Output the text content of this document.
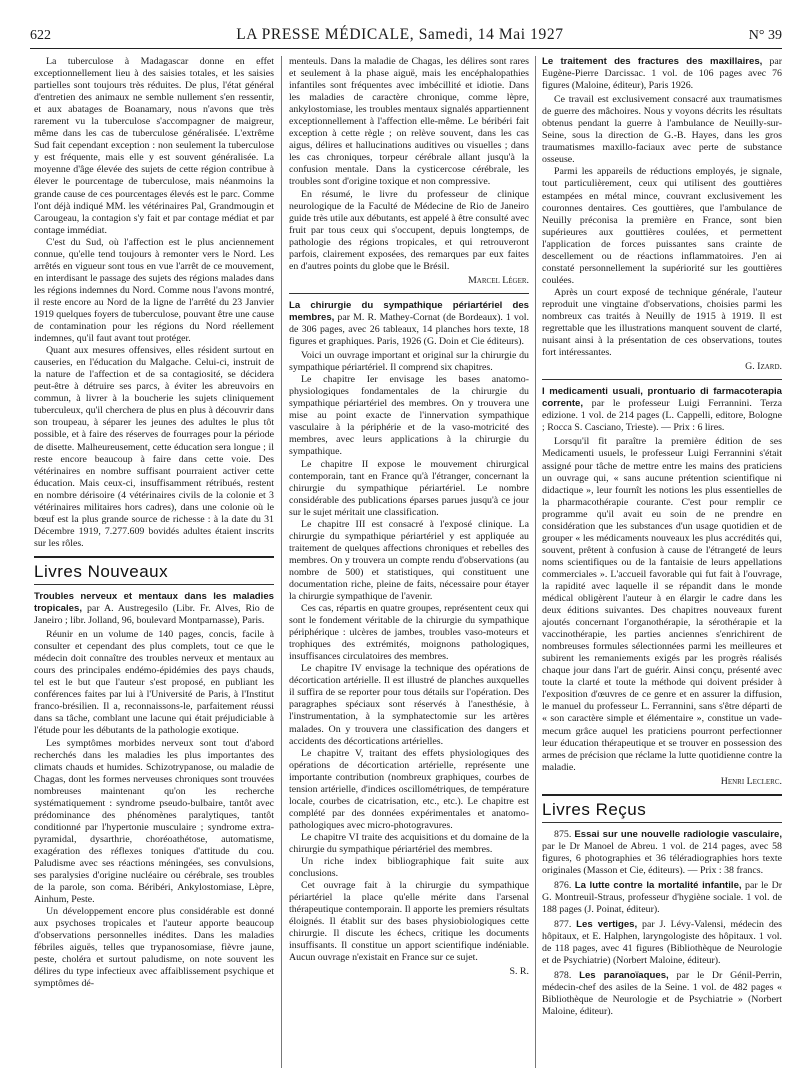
622	LA PRESSE MÉDICALE, Samedi, 14 Mai 1927	N° 39

La tuberculose à Madagascar donne en effet exceptionnellement lieu à des saisies totales, et les saisies partielles sont toujours très réduites. De plus, l'état général d'entretien des animaux ne semble nullement s'en ressentir, et aux abatages de Boanamary, nous n'avons que très rarement vu la tuberculose s'accompagner de maigreur, même dans les cas de tuberculose généralisée. L'extrême Sud fait cependant exception : non seulement la tuberculose y est fréquente, mais elle y est souvent généralisée. La moyenne d'âge élevée des sujets de cette région contribue à élever le pourcentage de tuberculose, mais néanmoins la grande cause de ces pourcentages élevés est le parc. Comme l'ont déjà indiqué MM. les vétérinaires Pal, Grandmougin et Carougeau, la contagion s'y fait et par contage médiat et par contage immédiat.

C'est du Sud, où l'affection est le plus anciennement connue, qu'elle tend toujours à remonter vers le Nord. Les arrêtés en vigueur sont tous en vue l'arrêt de ce mouvement, en interdisant le passage des sujets des régions malades dans les régions indemnes du Nord. Comme nous l'avons montré, il reste encore au Nord de la ligne de l'arrêté du 23 Janvier 1919 quelques foyers de tuberculose, pouvant être une cause de contamination pour les régions du Nord réellement indemnes, qu'il faut avant tout protéger.

Quant aux mesures offensives, elles résident surtout en causeries, en l'éducation du Malgache. Celui-ci, instruit de la nature de l'affection et de sa contagiosité, se décidera peut-être à détruire ses parcs, à éviter les abreuvoirs en commun, à livrer à la boucherie les sujets cliniquement tuberculeux, qu'il cherchera de plus en plus à découvrir dans son troupeau, à séparer les jeunes des adultes le plus tôt possible, et à faire des réserves de fourrages pour la période de disette. Malheureusement, cette éducation sera longue ; il reste encore beaucoup à faire dans cette voie. Des vétérinaires en nombre suffisant pourraient activer cette éducation. Mais ceux-ci, insuffisamment rétribués, restent en nombre dérisoire (4 vétérinaires civils de la colonie et 3 vétérinaires militaires hors cadres), dans une colonie où le bœuf est la plus grande source de richesse : à la date du 31 Décembre 1919, 7.277.609 bovidés adultes étaient inscrits sur les rôles.

Livres Nouveaux

Troubles nerveux et mentaux dans les maladies tropicales, par A. Austregesilo (Libr. Fr. Alves, Rio de Janeiro ; libr. Jolland, 96, boulevard Montparnasse), Paris.

Réunir en un volume de 140 pages, concis, facile à consulter et cependant des plus complets, tout ce que le médecin doit connaître des troubles nerveux et mentaux au cours des principales endémo-épidémies des pays chauds, tel est le but que l'auteur s'est proposé, en publiant les conférences faites par lui à l'Université de Paris, à l'Institut franco-brésilien. Il a, reconnaissons-le, parfaitement réussi dans sa tâche, comblant une lacune qui était préjudiciable à l'étude pour les débutants de la pathologie exotique.

Les symptômes morbides nerveux sont tout d'abord recherchés dans les maladies les plus importantes des climats chauds et humides. Schizotrypanose, ou maladie de Chagas, dont les formes nerveuses chroniques sont trouvées nombreuses maintenant qu'on les recherche systématiquement : syndrome pseudo-bulbaire, tantôt avec prédominance des phénomènes paralytiques, tantôt conditionné par l'hypertonie musculaire ; syndrome extra-pyramidal, dysarthrie, choréoathétose, automatisme, exagération des réflexes toniques d'attitude du cou. Paludisme avec ses réactions méningées, ses convulsions, ses paralysies d'origine nucléaire ou cérébrale, ses troubles de la parole, son coma. Béribéri, Ankylostomiase, Lèpre, Ainhum, Peste.

Un développement encore plus considérable est donné aux psychoses tropicales et l'auteur apporte beaucoup d'observations personnelles inédites. Dans les maladies fébriles aiguës, telles que trypanosomiase, fièvre jaune, peste, choléra et surtout paludisme, on note souvent les délires du type infectieux avec affaiblissement psychique et symptômes dé-

menteuls. Dans la maladie de Chagas, les délires sont rares et seulement à la phase aiguë, mais les encéphalopathies infantiles sont fréquentes avec imbécillité et idiotie. Dans les maladies de caractère chronique, comme lèpre, ankylostomiase, les troubles mentaux signalés appartiennent exceptionnellement à l'affection elle-même. Le béribéri fait exception à cette règle ; on relève souvent, dans les cas aigus, délires et hallucinations auditives ou visuelles ; dans les cas chroniques, torpeur cérébrale allant jusqu'à la confusion mentale. Dans la cysticercose cérébrale, les troubles sont d'origine toxique et non compressive.

En résumé, le livre du professeur de clinique neurologique de la Faculté de Médecine de Rio de Janeiro guide très utile aux débutants, est appelé à être consulté avec fruit par tous ceux qui s'occupent, depuis longtemps, de pathologie des régions tropicales, et qui retrouveront parfois, clairement exposées, des remarques par eux faites en d'autres points du globe que le Brésil.

Marcel Léger.

La chirurgie du sympathique périartériel des membres, par M. R. Mathey-Cornat (de Bordeaux). 1 vol. de 306 pages, avec 26 tableaux, 14 planches hors texte, 18 figures et graphiques. Paris, 1926 (G. Doin et Cie éditeurs).

Voici un ouvrage important et original sur la chirurgie du sympathique périartériel. Il comprend six chapitres.

Le chapitre Ier envisage les bases anatomo-physiologiques fondamentales de la chirurgie du sympathique périartériel des membres. On y trouvera une mise au point exacte de l'innervation sympathique vasculaire à la périphérie et de la vaso-motricité des membres, avec leurs applications à la chirurgie du sympathique.

Le chapitre II expose le mouvement chirurgical contemporain, tant en France qu'à l'étranger, concernant la chirurgie du sympathique périartériel. Le nombre considérable des publications éparses parues jusqu'à ce jour sur le sujet méritait une classification.

Le chapitre III est consacré à l'exposé clinique. La chirurgie du sympathique périartériel y est appliquée au traitement de quelques affections chroniques et rebelles des membres. On y trouvera un compte rendu d'observations (au nombre de 500) et statistiques, qui constituent une documentation riche, pleine de faits, nécessaire pour étayer la chirurgie sympathique de l'avenir.

Ces cas, répartis en quatre groupes, représentent ceux qui sont le fondement véritable de la chirurgie du sympathique périphérique : ulcères de jambes, troubles vaso-moteurs et trophiques des extrémités, moignons pathologiques, insuffisances circulatoires des membres.

Le chapitre IV envisage la technique des opérations de décortication artérielle. Il est illustré de planches auxquelles il suffira de se reporter pour tous détails sur l'opération. Des paragraphes spéciaux sont réservés à l'anesthésie, à l'instrumentation, à la symphatectomie sur les artères malades. On y trouvera une classification des dangers et accidents des décortications artérielles.

Le chapitre V, traitant des effets physiologiques des opérations de décortication artérielle, représente une importante contribution (nombreux graphiques, courbes de tension artérielle, d'indices oscillométriques, de température locale, courbes de cicatrisation, etc., etc.). Le chapitre est complété par des données expérimentales et anatomo-pathologiques avec micro-photogravures.

Le chapitre VI traite des acquisitions et du domaine de la chirurgie du sympathique périartériel des membres.

Un riche index bibliographique fait suite aux conclusions.

Cet ouvrage fait à la chirurgie du sympathique périartériel la place qu'elle mérite dans l'arsenal thérapeutique contemporain. Il apporte les premiers résultats éloignés. Il établit sur des bases physiobiologiques cette chirurgie. Il discute les échecs, critique les documents insuffisants. Il constitue un apport scientifique indéniable. Aucun ouvrage n'existait en France sur ce sujet.

S. R.

Le traitement des fractures des maxillaires, par Eugène-Pierre Darcissac. 1 vol. de 106 pages avec 76 figures (Maloine, éditeur), Paris 1926.

Ce travail est exclusivement consacré aux traumatismes de guerre des mâchoires. Nous y voyons décrits les résultats obtenus pendant la guerre à l'ambulance de Neuilly-sur-Seine, sous la direction de G.-B. Hayes, dans les gros traumatismes maxillo-faciaux avec perte de substance osseuse.

Parmi les appareils de réductions employés, je signale, tout particulièrement, ceux qui utilisent des gouttières estampées en métal mince, couvrant exclusivement les couronnes dentaires. Ces gouttières, que l'ambulance de Neuilly préconisa la première en France, sont bien supérieures aux gouttières coulées, et permettent l'application de forces puissantes sans crainte de descellement ou de réactions inflammatoires. J'en ai constaté personnellement la supériorité sur les gouttières coulées.

Après un court exposé de technique générale, l'auteur reproduit une vingtaine d'observations, choisies parmi les nombreux cas traités à Neuilly de 1915 à 1919. Il est regrettable que les illustrations manquent souvent de clarté, nuisant ainsi à la présentation de ces observations, toutes fort intéressantes.

G. Izard.

I medicamenti usuali, prontuario di farmacoterapia corrente, par le professeur Luigi Ferrannini. Terza edizione. 1 vol. de 214 pages (L. Cappelli, editore, Bologne ; Rocca S. Casciano, Trieste). — Prix : 6 lires.

Lorsqu'il fit paraître la première édition de ses Medicamenti usuels, le professeur Luigi Ferrannini s'était assigné pour tâche de mettre entre les mains des praticiens un ouvrage qui, « sans aucune prétention scientifique ni didactique », leur fournît les notions les plus essentielles de la pharmacothérapie courante. C'est pour remplir ce programme qu'il avait eu soin de ne prendre en considération que les substances d'un usage quotidien et de grouper « les médicaments nouveaux les plus accrédités qui, souvent, prêtent à confusion à cause de l'étrangeté de leurs noms scientifiques ou de la fantaisie de leurs appellations commerciales ». L'accueil favorable qui fut fait à l'ouvrage, la rapidité avec laquelle il se répandit dans le monde médical obligèrent l'auteur à en élargir le cadre dans les deux éditions suivantes. Des chapitres nouveaux furent ajoutés concernant l'organothérapie, la sérothérapie et la vaccinothérapie, les parties anciennes s'enrichirent de nombreuses formules sélectionnées parmi les meilleures et subirent les remaniements exigés par les progrès réalisés chaque jour dans l'art de guérir. Ainsi conçu, présenté avec toute la clarté et toute la méthode qui doivent présider à l'exposition d'œuvres de ce genre et en assurer la diffusion, le manuel du professeur L. Ferrannini, sans s'être départi de « son caractère simple et élémentaire », constitue un vade-mecum grâce auquel les praticiens pourront perfectionner leur éducation thérapeutique et se trouver en possession des armes de précision que réclame la lutte quotidienne contre la maladie.

Henri Leclerc.

Livres Reçus

875. Essai sur une nouvelle radiologie vasculaire, par le Dr Manoel de Abreu. 1 vol. de 214 pages, avec 58 figures, 6 photographies et 36 téléradiographies hors texte originales (Masson et Cie, éditeurs). — Prix : 38 francs.

876. La lutte contre la mortalité infantile, par le Dr G. Montreuil-Straus, professeur d'hygiène sociale. 1 vol. de 188 pages (J. Poinat, éditeur).

877. Les vertiges, par J. Lévy-Valensi, médecin des hôpitaux, et E. Halphen, laryngologiste des hôpitaux. 1 vol. de 118 pages, avec 41 figures (Bibliothèque de Neurologie et de Psychiatrie) (Norbert Maloine, éditeur).

878. Les paranoïaques, par le Dr Génil-Perrin, médecin-chef des asiles de la Seine. 1 vol. de 482 pages « Bibliothèque de Neurologie et de Psychiatrie » (Norbert Maloine, éditeur).
